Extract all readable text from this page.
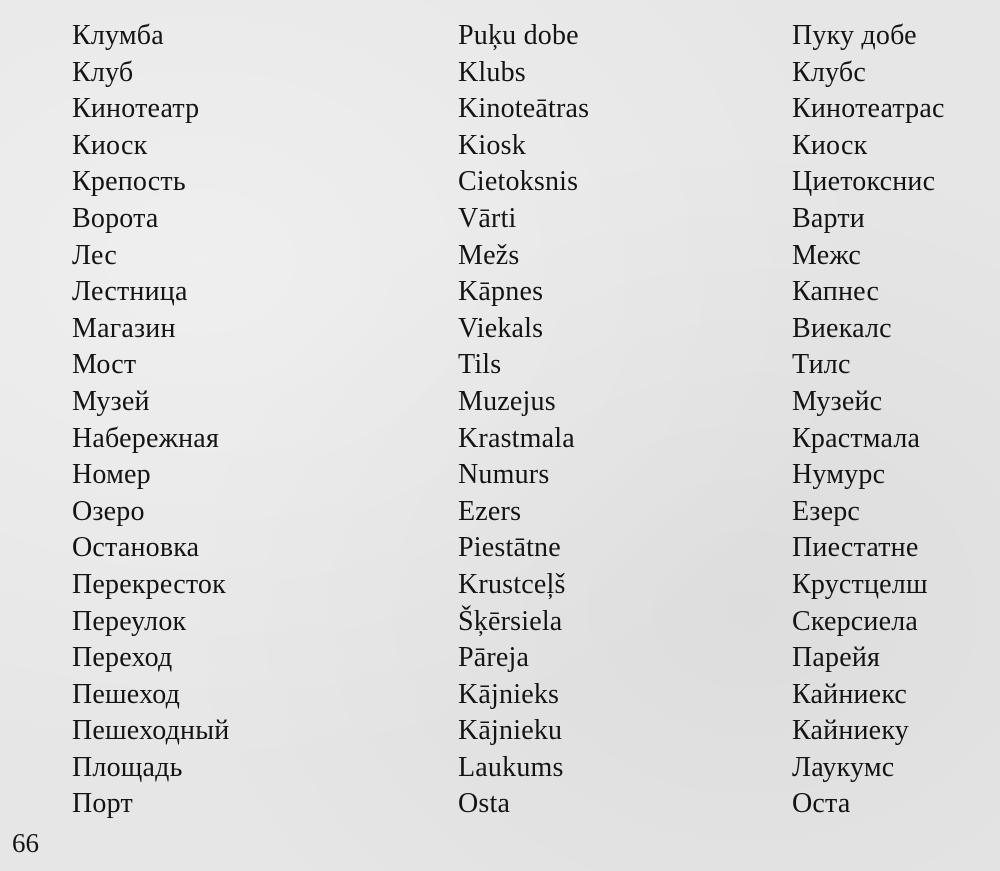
Клумба
Клуб
Кинотеатр
Киоск
Крепость
Ворота
Лес
Лестница
Магазин
Мост
Музей
Набережная
Номер
Озеро
Остановка
Перекресток
Переулок
Переход
Пешеход
Пешеходный
Площадь
Порт
Puķu dobe
Klubs
Kinoteātras
Kiosk
Cietoksnis
Vārti
Mežs
Kāpnes
Viekals
Tils
Muzejus
Krastmala
Numurs
Ezers
Piestātne
Krustceļš
Šķērsiela
Pāreja
Kājnieks
Kājnieku
Laukums
Osta
Пуку добе
Клубс
Кинотеатрас
Киоск
Циетокснис
Варти
Межс
Капнес
Виекалс
Тилс
Музейс
Крастмала
Нумурс
Езерс
Пиестатне
Крустцелш
Скерсиела
Парейя
Кайниекс
Кайниеку
Лаукумс
Оста
66
